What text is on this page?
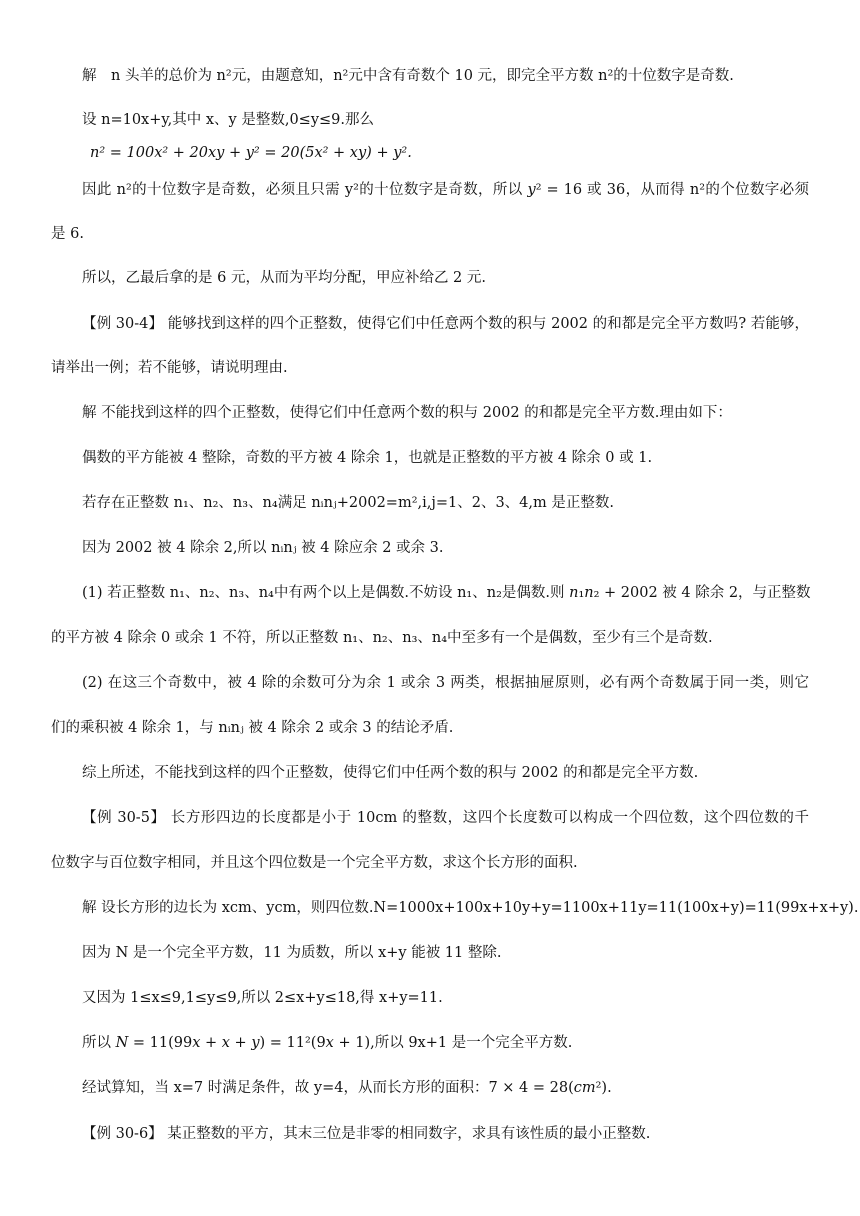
解　n 头羊的总价为 n²元，由题意知，n²元中含有奇数个 10 元，即完全平方数 n²的十位数字是奇数.

设 n=10x+y,其中 x、y 是整数,0≤y≤9.那么

𝑛² = 100𝑥² + 20𝑥𝑦 + 𝑦² = 20(5𝑥² + 𝑥𝑦) + 𝑦².

因此 n²的十位数字是奇数，必须且只需 y²的十位数字是奇数，所以 𝑦² = 16 或 36，从而得 n²的个位数字必须

是 6.

所以，乙最后拿的是 6 元，从而为平均分配，甲应补给乙 2 元.

【例 30-4】 能够找到这样的四个正整数，使得它们中任意两个数的积与 2002 的和都是完全平方数吗? 若能够，

请举出一例；若不能够，请说明理由.

解 不能找到这样的四个正整数，使得它们中任意两个数的积与 2002 的和都是完全平方数.理由如下：

偶数的平方能被 4 整除，奇数的平方被 4 除余 1，也就是正整数的平方被 4 除余 0 或 1.

若存在正整数 n₁、n₂、n₃、n₄满足 nᵢnⱼ+2002=m²,i,j=1、2、3、4,m 是正整数.

因为 2002 被 4 除余 2,所以 nᵢnⱼ 被 4 除应余 2 或余 3.

(1) 若正整数 n₁、n₂、n₃、n₄中有两个以上是偶数.不妨设 n₁、n₂是偶数.则 𝑛₁𝑛₂ + 2002 被 4 除余 2，与正整数

的平方被 4 除余 0 或余 1 不符，所以正整数 n₁、n₂、n₃、n₄中至多有一个是偶数，至少有三个是奇数.

(2) 在这三个奇数中，被 4 除的余数可分为余 1 或余 3 两类，根据抽屉原则，必有两个奇数属于同一类，则它

们的乘积被 4 除余 1，与 nᵢnⱼ 被 4 除余 2 或余 3 的结论矛盾.

综上所述，不能找到这样的四个正整数，使得它们中任两个数的积与 2002 的和都是完全平方数.

【例 30-5】 长方形四边的长度都是小于 10cm 的整数，这四个长度数可以构成一个四位数，这个四位数的千

位数字与百位数字相同，并且这个四位数是一个完全平方数，求这个长方形的面积.

解 设长方形的边长为 xcm、ycm，则四位数.N=1000x+100x+10y+y=1100x+11y=11(100x+y)=11(99x+x+y).

因为 N 是一个完全平方数，11 为质数，所以 x+y 能被 11 整除.

又因为 1≤x≤9,1≤y≤9,所以 2≤x+y≤18,得 x+y=11.

所以 𝑁 = 11(99𝑥 + 𝑥 + 𝑦) = 11²(9𝑥 + 1),所以 9x+1 是一个完全平方数.

经试算知，当 x=7 时满足条件，故 y=4，从而长方形的面积：7 × 4 = 28(𝑐𝑚²).

【例 30-6】 某正整数的平方，其末三位是非零的相同数字，求具有该性质的最小正整数.
